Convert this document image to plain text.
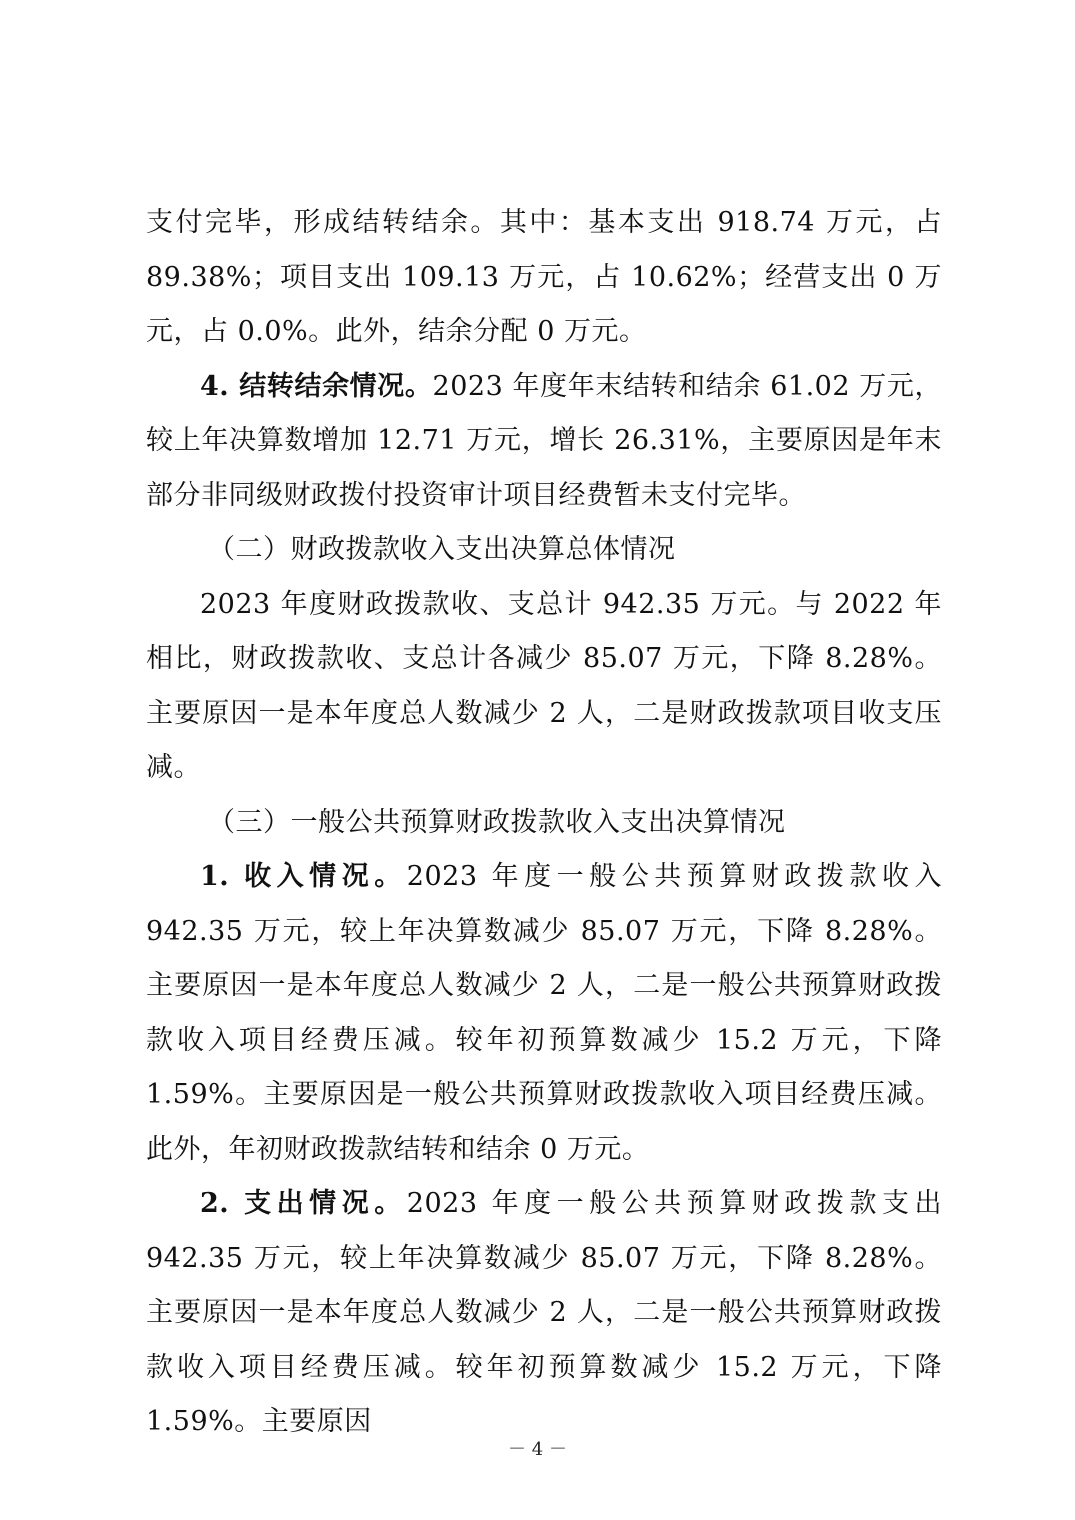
支付完毕，形成结转结余。其中：基本支出 918.74 万元，占 89.38%；项目支出 109.13 万元，占 10.62%；经营支出 0 万元，占 0.0%。此外，结余分配 0 万元。

4. 结转结余情况。2023 年度年末结转和结余 61.02 万元，较上年决算数增加 12.71 万元，增长 26.31%，主要原因是年末部分非同级财政拨付投资审计项目经费暂未支付完毕。

（二）财政拨款收入支出决算总体情况

2023 年度财政拨款收、支总计 942.35 万元。与 2022 年相比，财政拨款收、支总计各减少 85.07 万元，下降 8.28%。主要原因一是本年度总人数减少 2 人，二是财政拨款项目收支压减。

（三）一般公共预算财政拨款收入支出决算情况

1. 收入情况。2023 年度一般公共预算财政拨款收入 942.35 万元，较上年决算数减少 85.07 万元，下降 8.28%。主要原因一是本年度总人数减少 2 人，二是一般公共预算财政拨款收入项目经费压减。较年初预算数减少 15.2 万元，下降 1.59%。主要原因是一般公共预算财政拨款收入项目经费压减。此外，年初财政拨款结转和结余 0 万元。

2. 支出情况。2023 年度一般公共预算财政拨款支出 942.35 万元，较上年决算数减少 85.07 万元，下降 8.28%。主要原因一是本年度总人数减少 2 人，二是一般公共预算财政拨款收入项目经费压减。较年初预算数减少 15.2 万元，下降 1.59%。主要原因

－ 4 －
